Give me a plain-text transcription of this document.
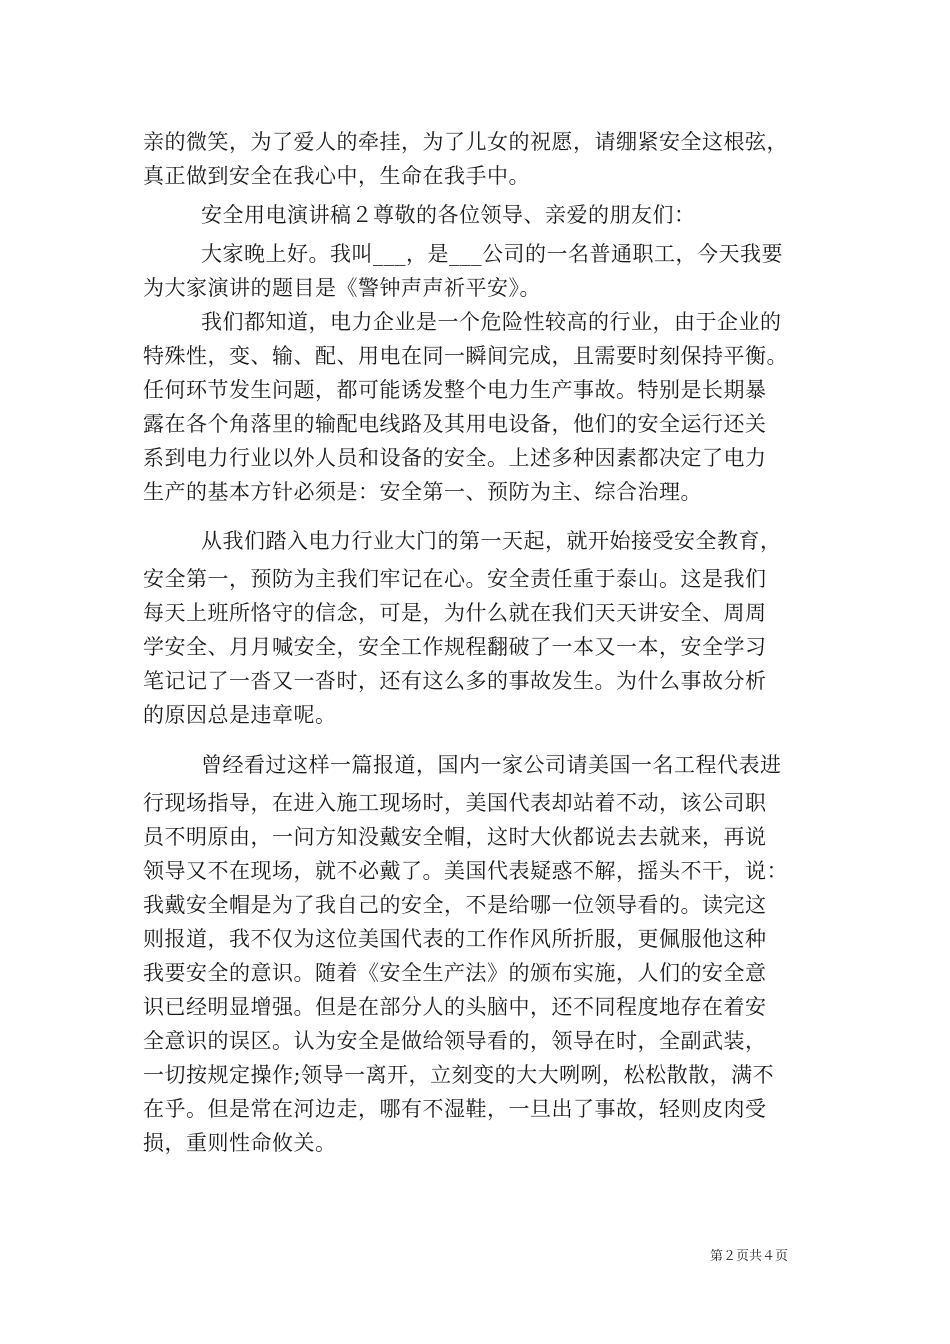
亲的微笑，为了爱人的牵挂，为了儿女的祝愿，请绷紧安全这根弦，
真正做到安全在我心中，生命在我手中。
安全用电演讲稿２尊敬的各位领导、亲爱的朋友们：
大家晚上好。我叫___，是___公司的一名普通职工，今天我要
为大家演讲的题目是《警钟声声祈平安》。
我们都知道，电力企业是一个危险性较高的行业，由于企业的
特殊性，变、输、配、用电在同一瞬间完成，且需要时刻保持平衡。
任何环节发生问题，都可能诱发整个电力生产事故。特别是长期暴
露在各个角落里的输配电线路及其用电设备，他们的安全运行还关
系到电力行业以外人员和设备的安全。上述多种因素都决定了电力
生产的基本方针必须是：安全第一、预防为主、综合治理。
从我们踏入电力行业大门的第一天起，就开始接受安全教育，
安全第一，预防为主我们牢记在心。安全责任重于泰山。这是我们
每天上班所恪守的信念，可是，为什么就在我们天天讲安全、周周
学安全、月月喊安全，安全工作规程翻破了一本又一本，安全学习
笔记记了一沓又一沓时，还有这么多的事故发生。为什么事故分析
的原因总是违章呢。
曾经看过这样一篇报道，国内一家公司请美国一名工程代表进
行现场指导，在进入施工现场时，美国代表却站着不动，该公司职
员不明原由，一问方知没戴安全帽，这时大伙都说去去就来，再说
领导又不在现场，就不必戴了。美国代表疑惑不解，摇头不干，说：
我戴安全帽是为了我自己的安全，不是给哪一位领导看的。读完这
则报道，我不仅为这位美国代表的工作作风所折服，更佩服他这种
我要安全的意识。随着《安全生产法》的颁布实施，人们的安全意
识已经明显增强。但是在部分人的头脑中，还不同程度地存在着安
全意识的误区。认为安全是做给领导看的，领导在时，全副武装，
一切按规定操作;领导一离开，立刻变的大大咧咧，松松散散，满不
在乎。但是常在河边走，哪有不湿鞋，一旦出了事故，轻则皮肉受
损，重则性命攸关。
第２页共４页
